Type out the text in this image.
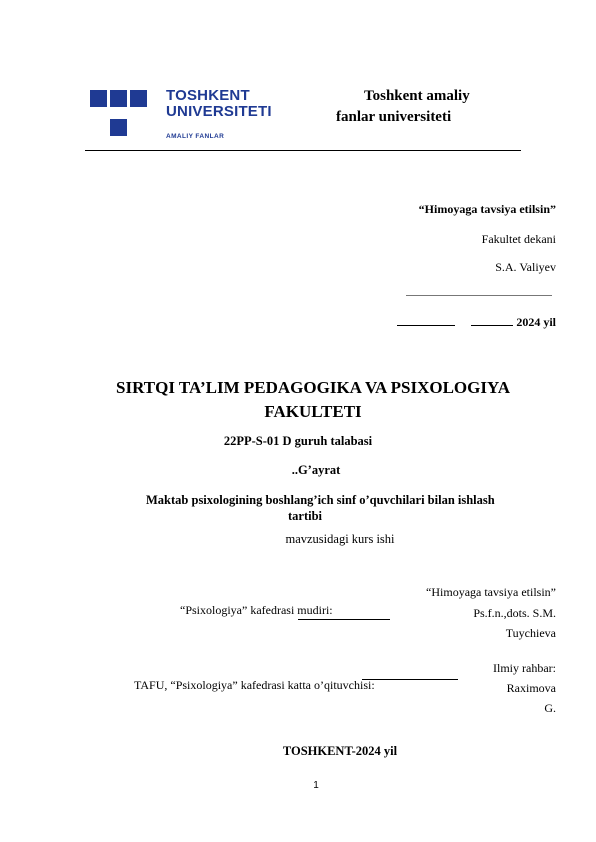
TOSHKENT
UNIVERSITETI
AMALIY FANLAR
Toshkent amaliy
fanlar universiteti
“Himoyaga tavsiya etilsin”
Fakultet dekani
S.A. Valiyev
2024 yil
SIRTQI TA’LIM PEDAGOGIKA VA PSIXOLOGIYA
FAKULTETI
22PP-S-01 D guruh talabasi
..G’ayrat
Maktab psixologining boshlang’ich sinf o’quvchilari bilan ishlash
tartibi
mavzusidagi kurs ishi
“Himoyaga tavsiya etilsin”
“Psixologiya” kafedrasi mudiri:	Ps.f.n.,dots. S.M.
Tuychieva
Ilmiy rahbar:
Raximova
G.
TAFU, “Psixologiya” kafedrasi katta o’qituvchisi:
TOSHKENT-2024 yil
1
